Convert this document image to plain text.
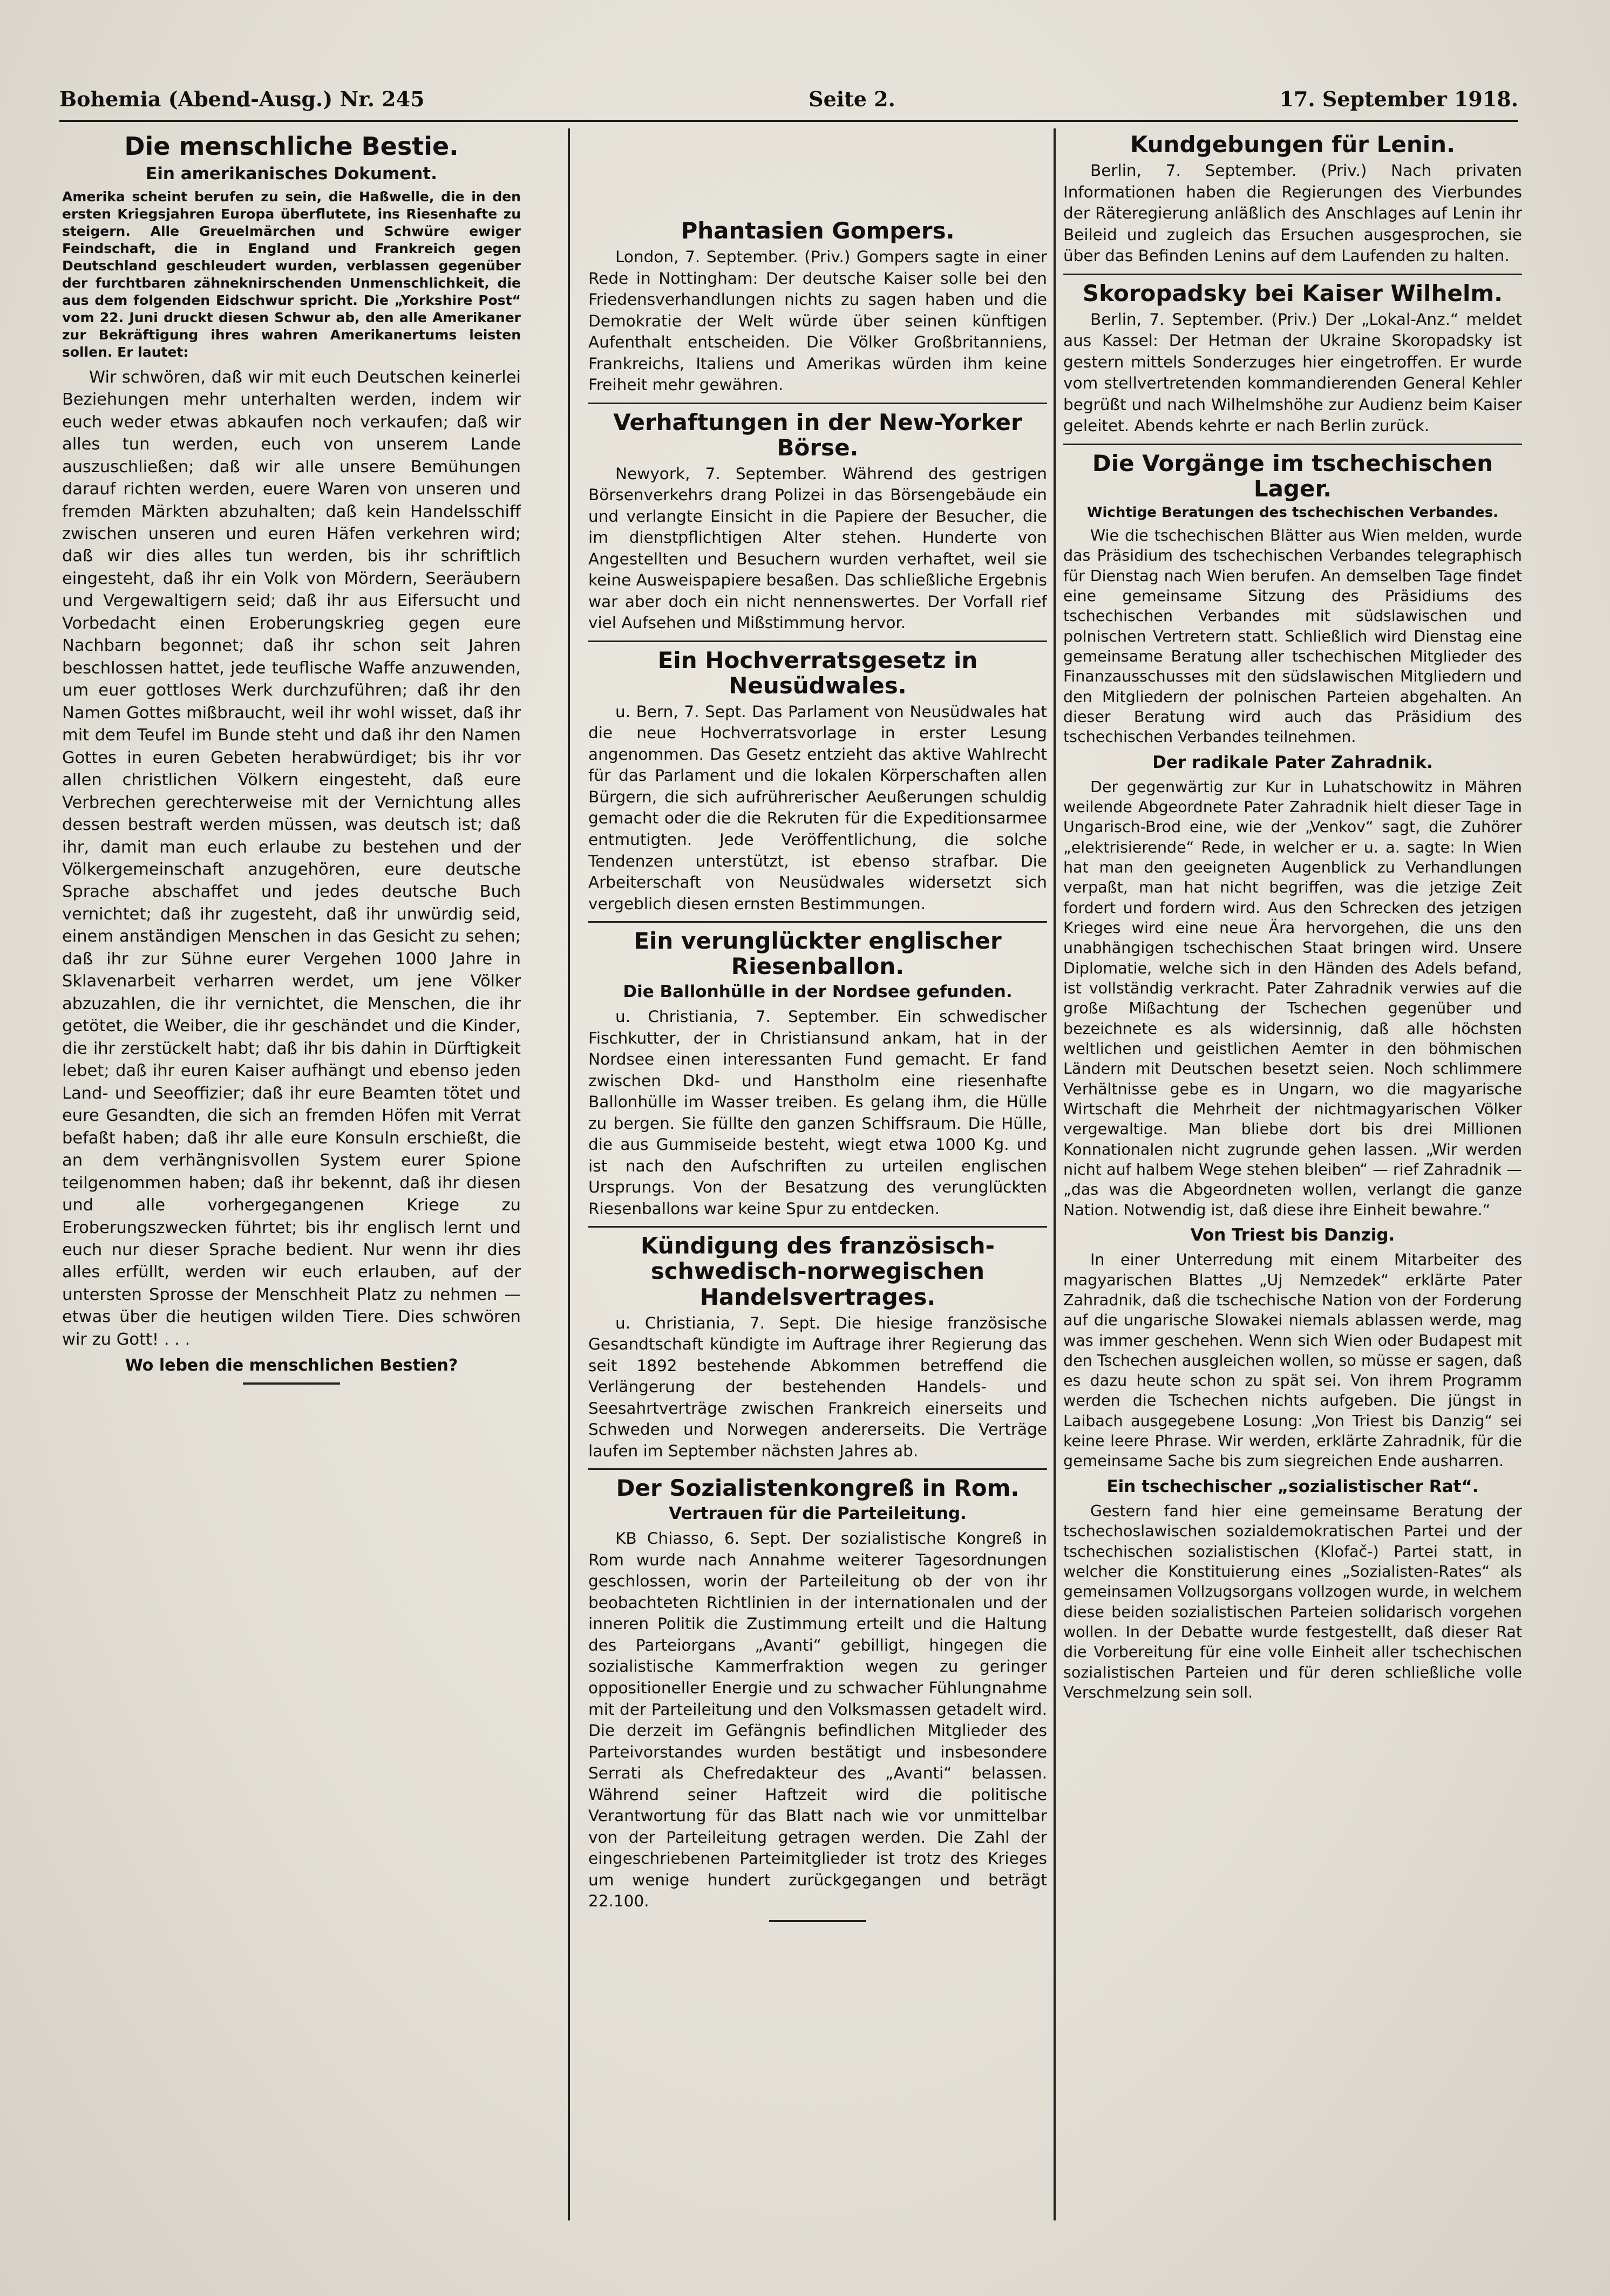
Bohemia (Abend-Ausg.) Nr. 245	Seite 2.	17. September 1918.
Die menschliche Bestie.
Ein amerikanisches Dokument.

Amerika scheint berufen zu sein, die Haßwelle, die in den ersten Kriegsjahren Europa überflutete, ins Riesenhafte zu steigern. Alle Greuelmärchen und Schwüre ewiger Feindschaft, die in England und Frankreich gegen Deutschland geschleudert wurden, verblassen gegenüber der furchtbaren zähneknirschenden Unmenschlichkeit, die aus dem folgenden Eidschwur spricht. Die „Yorkshire Post“ vom 22. Juni druckt diesen Schwur ab, den alle Amerikaner zur Bekräftigung ihres wahren Amerikanertums leisten sollen. Er lautet:

Wir schwören, daß wir mit euch Deutschen keinerlei Beziehungen mehr unterhalten werden, indem wir euch weder etwas abkaufen noch verkaufen; daß wir alles tun werden, euch von unserem Lande auszuschließen; daß wir alle unsere Bemühungen darauf richten werden, euere Waren von unseren und fremden Märkten abzuhalten; daß kein Handelsschiff zwischen unseren und euren Häfen verkehren wird; daß wir dies alles tun werden, bis ihr schriftlich eingesteht, daß ihr ein Volk von Mördern, Seeräubern und Vergewaltigern seid; daß ihr aus Eifersucht und Vorbedacht einen Eroberungskrieg gegen eure Nachbarn begonnet; daß ihr schon seit Jahren beschlossen hattet, jede teuflische Waffe anzuwenden, um euer gottloses Werk durchzuführen; daß ihr den Namen Gottes mißbraucht, weil ihr wohl wisset, daß ihr mit dem Teufel im Bunde steht und daß ihr den Namen Gottes in euren Gebeten herabwürdiget; bis ihr vor allen christlichen Völkern eingesteht, daß eure Verbrechen gerechterweise mit der Vernichtung alles dessen bestraft werden müssen, was deutsch ist; daß ihr, damit man euch erlaube zu bestehen und der Völkergemeinschaft anzugehören, eure deutsche Sprache abschaffet und jedes deutsche Buch vernichtet; daß ihr zugesteht, daß ihr unwürdig seid, einem anständigen Menschen in das Gesicht zu sehen; daß ihr zur Sühne eurer Vergehen 1000 Jahre in Sklavenarbeit verharren werdet, um jene Völker abzuzahlen, die ihr vernichtet, die Menschen, die ihr getötet, die Weiber, die ihr geschändet und die Kinder, die ihr zerstückelt habt; daß ihr bis dahin in Dürftigkeit lebet; daß ihr euren Kaiser aufhängt und ebenso jeden Land- und Seeoffizier; daß ihr eure Beamten tötet und eure Gesandten, die sich an fremden Höfen mit Verrat befaßt haben; daß ihr alle eure Konsuln erschießt, die an dem verhängnisvollen System eurer Spione teilgenommen haben; daß ihr bekennt, daß ihr diesen und alle vorhergegangenen Kriege zu Eroberungszwecken führtet; bis ihr englisch lernt und euch nur dieser Sprache bedient. Nur wenn ihr dies alles erfüllt, werden wir euch erlauben, auf der untersten Sprosse der Menschheit Platz zu nehmen — etwas über die heutigen wilden Tiere. Dies schwören wir zu Gott! . . .

Wo leben die menschlichen Bestien?
Phantasien Gompers.

London, 7. September. (Priv.) Gompers sagte in einer Rede in Nottingham: Der deutsche Kaiser solle bei den Friedensverhandlungen nichts zu sagen haben und die Demokratie der Welt würde über seinen künftigen Aufenthalt entscheiden. Die Völker Großbritanniens, Frankreichs, Italiens und Amerikas würden ihm keine Freiheit mehr gewähren.

Verhaftungen in der New-Yorker Börse.

Newyork, 7. September. Während des gestrigen Börsenverkehrs drang Polizei in das Börsengebäude ein und verlangte Einsicht in die Papiere der Besucher, die im dienstpflichtigen Alter stehen. Hunderte von Angestellten und Besuchern wurden verhaftet, weil sie keine Ausweispapiere besaßen. Das schließliche Ergebnis war aber doch ein nicht nennenswertes. Der Vorfall rief viel Aufsehen und Mißstimmung hervor.

Ein Hochverratsgesetz in Neusüdwales.

u. Bern, 7. Sept. Das Parlament von Neusüdwales hat die neue Hochverratsvorlage in erster Lesung angenommen. Das Gesetz entzieht das aktive Wahlrecht für das Parlament und die lokalen Körperschaften allen Bürgern, die sich aufrührerischer Aeußerungen schuldig gemacht oder die die Rekruten für die Expeditionsarmee entmutigten. Jede Veröffentlichung, die solche Tendenzen unterstützt, ist ebenso strafbar. Die Arbeiterschaft von Neusüdwales widersetzt sich vergeblich diesen ernsten Bestimmungen.

Ein verunglückter englischer Riesenballon.
Die Ballonhülle in der Nordsee gefunden.

u. Christiania, 7. September. Ein schwedischer Fischkutter, der in Christiansund ankam, hat in der Nordsee einen interessanten Fund gemacht. Er fand zwischen Dkd- und Hanstholm eine riesenhafte Ballonhülle im Wasser treiben. Es gelang ihm, die Hülle zu bergen. Sie füllte den ganzen Schiffsraum. Die Hülle, die aus Gummiseide besteht, wiegt etwa 1000 Kg. und ist nach den Aufschriften zu urteilen englischen Ursprungs. Von der Besatzung des verunglückten Riesenballons war keine Spur zu entdecken.

Kündigung des französisch-schwedisch-norwegischen Handelsvertrages.

u. Christiania, 7. Sept. Die hiesige französische Gesandtschaft kündigte im Auftrage ihrer Regierung das seit 1892 bestehende Abkommen betreffend die Verlängerung der bestehenden Handels- und Seesahrtverträge zwischen Frankreich einerseits und Schweden und Norwegen andererseits. Die Verträge laufen im September nächsten Jahres ab.

Der Sozialistenkongreß in Rom.
Vertrauen für die Parteileitung.

KB Chiasso, 6. Sept. Der sozialistische Kongreß in Rom wurde nach Annahme weiterer Tagesordnungen geschlossen, worin der Parteileitung ob der von ihr beobachteten Richtlinien in der internationalen und der inneren Politik die Zustimmung erteilt und die Haltung des Parteiorgans „Avanti“ gebilligt, hingegen die sozialistische Kammerfraktion wegen zu geringer oppositioneller Energie und zu schwacher Fühlungnahme mit der Parteileitung und den Volksmassen getadelt wird. Die derzeit im Gefängnis befindlichen Mitglieder des Parteivorstandes wurden bestätigt und insbesondere Serrati als Chefredakteur des „Avanti“ belassen. Während seiner Haftzeit wird die politische Verantwortung für das Blatt nach wie vor unmittelbar von der Parteileitung getragen werden. Die Zahl der eingeschriebenen Parteimitglieder ist trotz des Krieges um wenige hundert zurückgegangen und beträgt 22.100.

Kundgebungen für Lenin.

Berlin, 7. September. (Priv.) Nach privaten Informationen haben die Regierungen des Vierbundes der Räteregierung anläßlich des Anschlages auf Lenin ihr Beileid und zugleich das Ersuchen ausgesprochen, sie über das Befinden Lenins auf dem Laufenden zu halten.

Skoropadsky bei Kaiser Wilhelm.

Berlin, 7. September. (Priv.) Der „Lokal-Anz.“ meldet aus Kassel: Der Hetman der Ukraine Skoropadsky ist gestern mittels Sonderzuges hier eingetroffen. Er wurde vom stellvertretenden kommandierenden General Kehler begrüßt und nach Wilhelmshöhe zur Audienz beim Kaiser geleitet. Abends kehrte er nach Berlin zurück.

Die Vorgänge im tschechischen Lager.
Wichtige Beratungen des tschechischen Verbandes.

Wie die tschechischen Blätter aus Wien melden, wurde das Präsidium des tschechischen Verbandes telegraphisch für Dienstag nach Wien berufen. An demselben Tage findet eine gemeinsame Sitzung des Präsidiums des tschechischen Verbandes mit südslawischen und polnischen Vertretern statt. Schließlich wird Dienstag eine gemeinsame Beratung aller tschechischen Mitglieder des Finanzausschusses mit den südslawischen Mitgliedern und den Mitgliedern der polnischen Parteien abgehalten. An dieser Beratung wird auch das Präsidium des tschechischen Verbandes teilnehmen.

Der radikale Pater Zahradnik.

Der gegenwärtig zur Kur in Luhatschowitz in Mähren weilende Abgeordnete Pater Zahradnik hielt dieser Tage in Ungarisch-Brod eine, wie der „Venkov“ sagt, die Zuhörer „elektrisierende“ Rede, in welcher er u. a. sagte: In Wien hat man den geeigneten Augenblick zu Verhandlungen verpaßt, man hat nicht begriffen, was die jetzige Zeit fordert und fordern wird. Aus den Schrecken des jetzigen Krieges wird eine neue Ära hervorgehen, die uns den unabhängigen tschechischen Staat bringen wird. Unsere Diplomatie, welche sich in den Händen des Adels befand, ist vollständig verkracht. Pater Zahradnik verwies auf die große Mißachtung der Tschechen gegenüber und bezeichnete es als widersinnig, daß alle höchsten weltlichen und geistlichen Aemter in den böhmischen Ländern mit Deutschen besetzt seien. Noch schlimmere Verhältnisse gebe es in Ungarn, wo die magyarische Wirtschaft die Mehrheit der nichtmagyarischen Völker vergewaltige. Man bliebe dort bis drei Millionen Konnationalen nicht zugrunde gehen lassen. „Wir werden nicht auf halbem Wege stehen bleiben“ — rief Zahradnik — „das was die Abgeordneten wollen, verlangt die ganze Nation. Notwendig ist, daß diese ihre Einheit bewahre.“

Von Triest bis Danzig.

In einer Unterredung mit einem Mitarbeiter des magyarischen Blattes „Uj Nemzedek“ erklärte Pater Zahradnik, daß die tschechische Nation von der Forderung auf die ungarische Slowakei niemals ablassen werde, mag was immer geschehen. Wenn sich Wien oder Budapest mit den Tschechen ausgleichen wollen, so müsse er sagen, daß es dazu heute schon zu spät sei. Von ihrem Programm werden die Tschechen nichts aufgeben. Die jüngst in Laibach ausgegebene Losung: „Von Triest bis Danzig“ sei keine leere Phrase. Wir werden, erklärte Zahradnik, für die gemeinsame Sache bis zum siegreichen Ende ausharren.

Ein tschechischer „sozialistischer Rat“.

Gestern fand hier eine gemeinsame Beratung der tschechoslawischen sozialdemokratischen Partei und der tschechischen sozialistischen (Klofač-) Partei statt, in welcher die Konstituierung eines „Sozialisten-Rates“ als gemeinsamen Vollzugsorgans vollzogen wurde, in welchem diese beiden sozialistischen Parteien solidarisch vorgehen wollen. In der Debatte wurde festgestellt, daß dieser Rat die Vorbereitung für eine volle Einheit aller tschechischen sozialistischen Parteien und für deren schließliche volle Verschmelzung sein soll.
